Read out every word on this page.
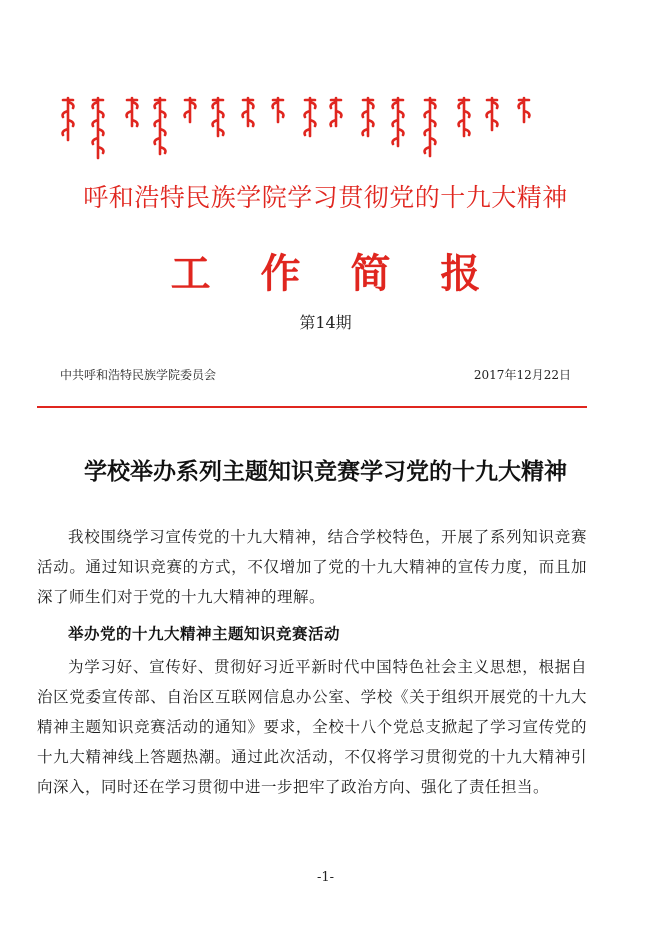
呼和浩特民族学院学习贯彻党的十九大精神
工 作 简 报
第14期
中共呼和浩特民族学院委员会	2017年12月22日
学校举办系列主题知识竞赛学习党的十九大精神
我校围绕学习宣传党的十九大精神，结合学校特色，开展了系列知识竞赛活动。通过知识竞赛的方式，不仅增加了党的十九大精神的宣传力度，而且加深了师生们对于党的十九大精神的理解。
举办党的十九大精神主题知识竞赛活动
为学习好、宣传好、贯彻好习近平新时代中国特色社会主义思想，根据自治区党委宣传部、自治区互联网信息办公室、学校《关于组织开展党的十九大精神主题知识竞赛活动的通知》要求，全校十八个党总支掀起了学习宣传党的十九大精神线上答题热潮。通过此次活动，不仅将学习贯彻党的十九大精神引向深入，同时还在学习贯彻中进一步把牢了政治方向、强化了责任担当。
-1-
